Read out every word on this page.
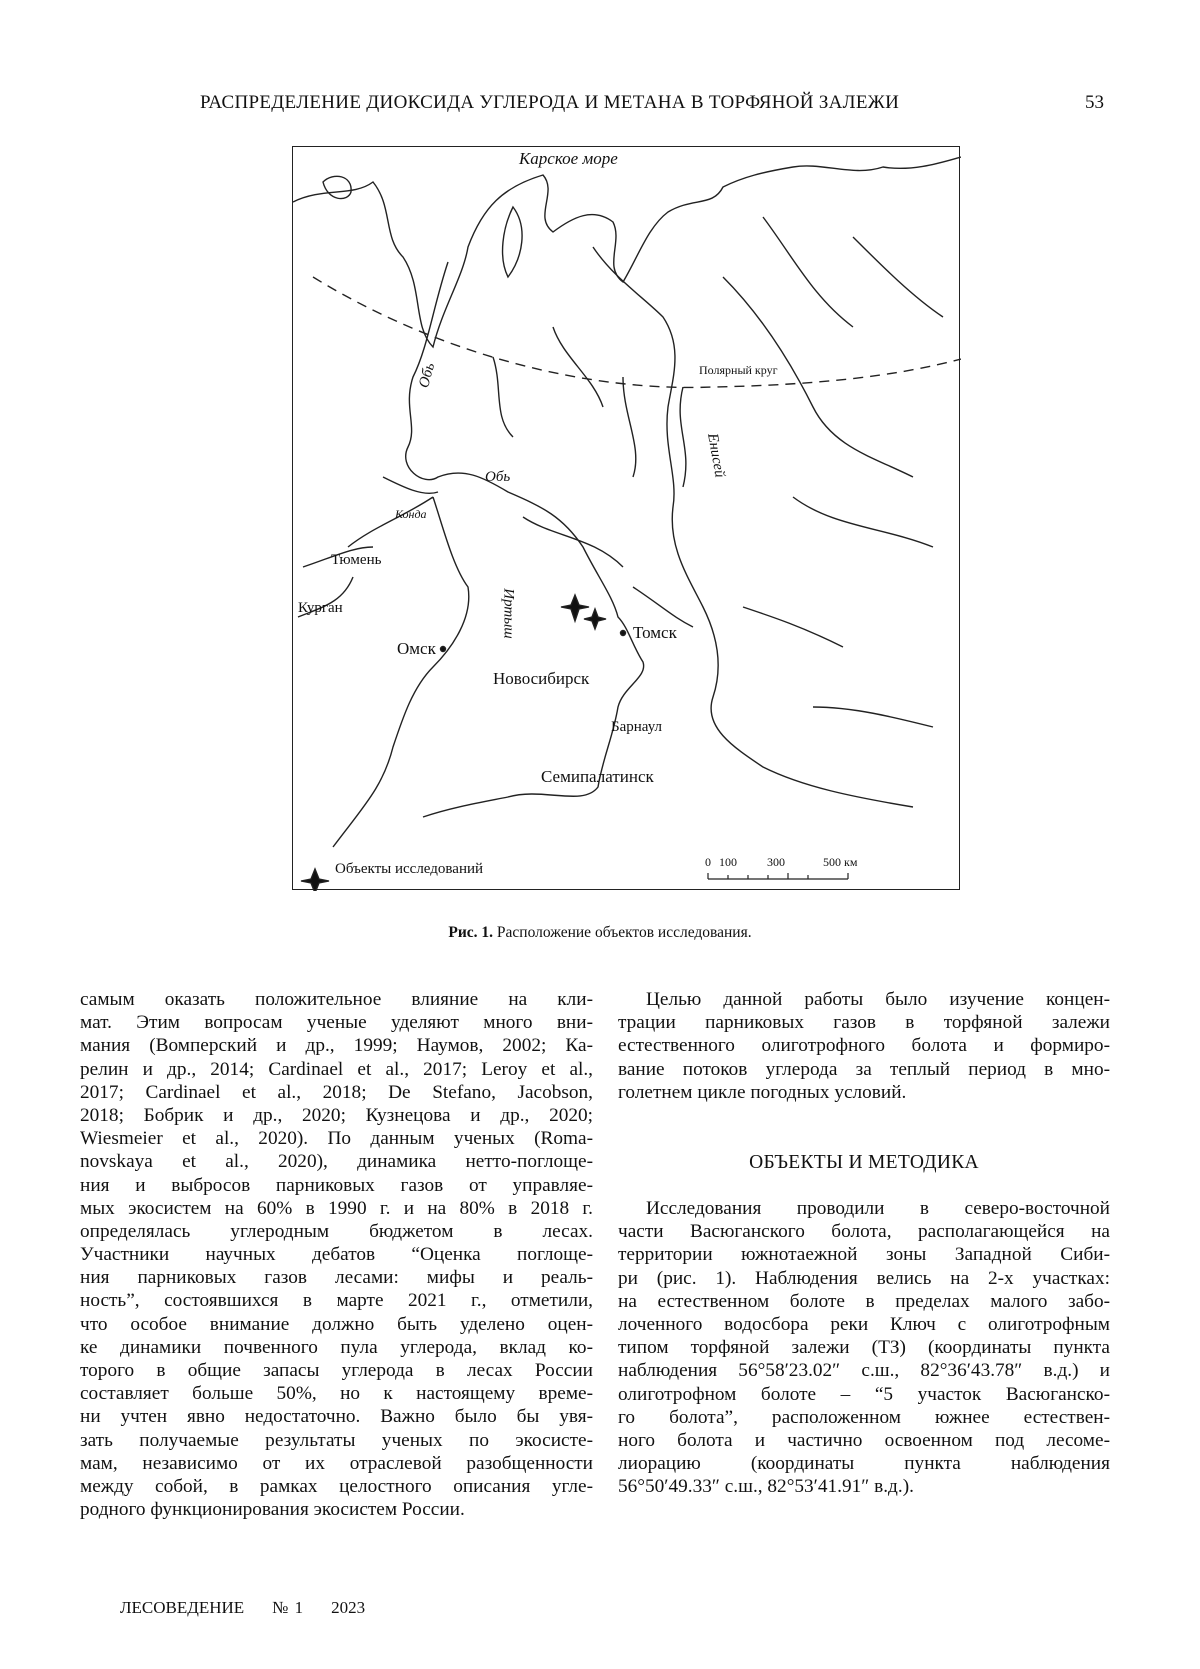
РАСПРЕДЕЛЕНИЕ ДИОКСИДА УГЛЕРОДА И МЕТАНА В ТОРФЯНОЙ ЗАЛЕЖИ	53
Карское море
Полярный круг
Обь
Енисей
Обь
Конда
Тюмень
Курган	Иртыш	Томск
Омск
Новосибирск
Барнаул
Семипалатинск
Объекты исследований	0 100	300	500 км
Рис. 1. Расположение объектов исследования.
самым оказать положительное влияние на кли-
мат. Этим вопросам ученые уделяют много вни-
мания (Вомперский и др., 1999; Наумов, 2002; Ка-
релин и др., 2014; Cardinael et al., 2017; Leroy et al.,
2017; Cardinael et al., 2018; De Stefano, Jacobson,
2018; Бобрик и др., 2020; Кузнецова и др., 2020;
Wiesmeier et al., 2020). По данным ученых (Roma-
novskaya et al., 2020), динамика нетто-поглоще-
ния и выбросов парниковых газов от управляе-
мых экосистем на 60% в 1990 г. и на 80% в 2018 г.
определялась углеродным бюджетом в лесах.
Участники научных дебатов “Оценка поглоще-
ния парниковых газов лесами: мифы и реаль-
ность”, состоявшихся в марте 2021 г., отметили,
что особое внимание должно быть уделено оцен-
ке динамики почвенного пула углерода, вклад ко-
торого в общие запасы углерода в лесах России
составляет больше 50%, но к настоящему време-
ни учтен явно недостаточно. Важно было бы увя-
зать получаемые результаты ученых по экосисте-
мам, независимо от их отраслевой разобщенности
между собой, в рамках целостного описания угле-
родного функционирования экосистем России.
Целью данной работы было изучение концен-
трации парниковых газов в торфяной залежи
естественного олиготрофного болота и формиро-
вание потоков углерода за теплый период в мно-
голетнем цикле погодных условий.
ОБЪЕКТЫ И МЕТОДИКА
Исследования проводили в северо-восточной
части Васюганского болота, располагающейся на
территории южнотаежной зоны Западной Сиби-
ри (рис. 1). Наблюдения велись на 2-х участках:
на естественном болоте в пределах малого забо-
лоченного водосбора реки Ключ с олиготрофным
типом торфяной залежи (ТЗ) (координаты пункта
наблюдения 56°58′23.02″ с.ш., 82°36′43.78″ в.д.) и
олиготрофном болоте – “5 участок Васюганско-
го болота”, расположенном южнее естествен-
ного болота и частично освоенном под лесоме-
лиорацию (координаты пункта наблюдения
56°50′49.33″ с.ш., 82°53′41.91″ в.д.).
ЛЕСОВЕДЕНИЕ № 1 2023
